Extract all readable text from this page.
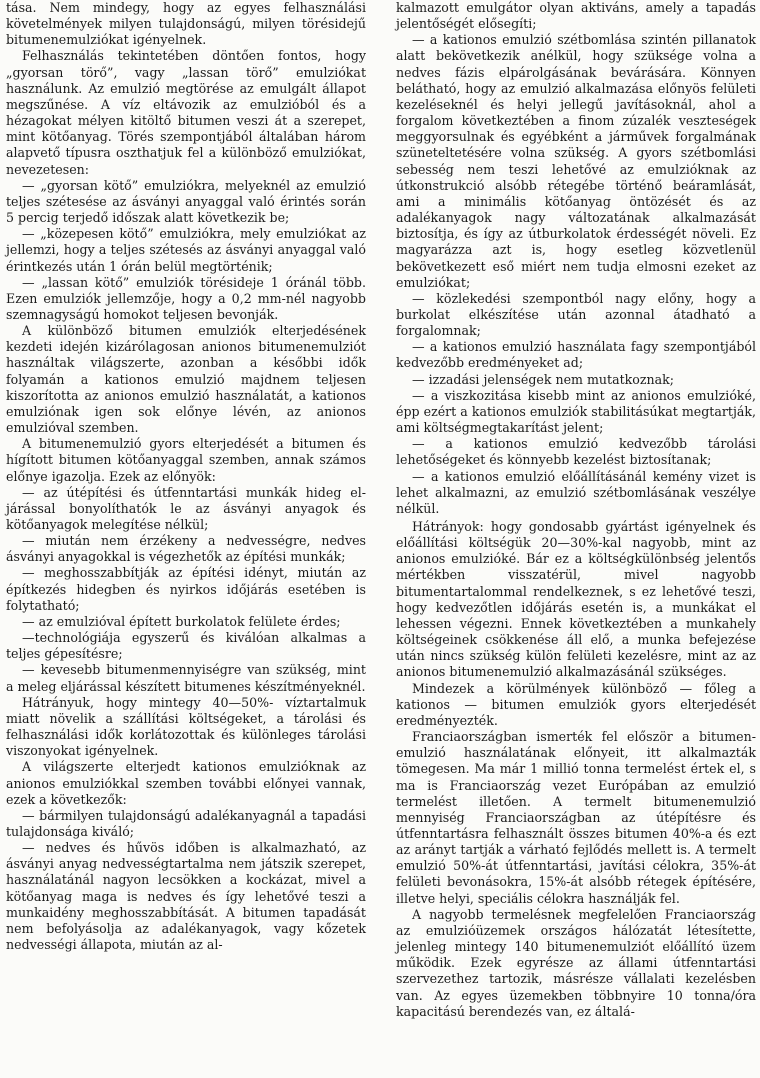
tása. Nem mindegy, hogy az egyes felhasználási követelmények milyen tulajdonságú, milyen törésidejű bitumenemulziókat igényelnek.

Felhasználás tekintetében döntően fontos, hogy „gyorsan törő”, vagy „lassan törő” emulziókat használunk. Az emulzió megtörése az emulgált állapot megszűnése. A víz eltávozik az emulzióból és a hézagokat mélyen kitöltő bitumen veszi át a szerepet, mint kötőanyag. Törés szempontjából általában három alapvető típusra oszthatjuk fel a különböző emulziókat, nevezetesen:

— „gyorsan kötő” emulziókra, melyeknél az emulzió teljes szétesése az ásványi anyaggal való érintés során 5 percig terjedő időszak alatt következik be;

— „közepesen kötő” emulziókra, mely emulziókat az jellemzi, hogy a teljes szétesés az ásványi anyaggal való érintkezés után 1 órán belül megtörténik;

— „lassan kötő” emulziók törésideje 1 óránál több. Ezen emulziók jellemzője, hogy a 0,2 mm-nél nagyobb szemnagyságú homokot teljesen bevonják.

A különböző bitumen emulziók elterjedésének kezdeti idején kizárólagosan anionos bitumenemulziót használtak világszerte, azonban a későbbi idők folyamán a kationos emulzió majdnem teljesen kiszorította az anionos emulzió használatát, a kationos emulziónak igen sok előnye lévén, az anionos emulzióval szemben.

A bitumenemulzió gyors elterjedését a bitumen és hígított bitumen kötőanyaggal szemben, annak számos előnye igazolja. Ezek az előnyök:

— az útépítési és útfenntartási munkák hideg eljárással bonyolíthatók le az ásványi anyagok és kötőanyagok melegítése nélkül;

— miután nem érzékeny a nedvességre, nedves ásványi anyagokkal is végezhetők az építési munkák;

— meghosszabbítják az építési idényt, miután az építkezés hidegben és nyirkos időjárás esetében is folytatható;

— az emulzióval épített burkolatok felülete érdes;

—technológiája egyszerű és kiválóan alkalmas a teljes gépesítésre;

— kevesebb bitumenmennyiségre van szükség, mint a meleg eljárással készített bitumenes készítményeknél.

Hátrányuk, hogy mintegy 40—50%- víztartalmuk miatt növelik a szállítási költségeket, a tárolási és felhasználási idők korlátozottak és különleges tárolási viszonyokat igényelnek.

A világszerte elterjedt kationos emulzióknak az anionos emulziókkal szemben további előnyei vannak, ezek a következők:

— bármilyen tulajdonságú adalékanyagnál a tapadási tulajdonsága kiváló;

— nedves és hűvös időben is alkalmazható, az ásványi anyag nedvességtartalma nem játszik szerepet, használatánál nagyon lecsökken a kockázat, mivel a kötőanyag maga is nedves és így lehetővé teszi a munkaidény meghosszabbítását. A bitumen tapadását nem befolyásolja az adalékanyagok, vagy kőzetek nedvességi állapota, miután az al-

kalmazott emulgátor olyan aktiváns, amely a tapadás jelentőségét elősegíti;

— a kationos emulzió szétbomlása szintén pillanatok alatt bekövetkezik anélkül, hogy szüksége volna a nedves fázis elpárolgásának bevárására. Könnyen belátható, hogy az emulzió alkalmazása előnyös felületi kezeléseknél és helyi jellegű javításoknál, ahol a forgalom következtében a finom zúzalék veszteségek meggyorsulnak és egyébként a járművek forgalmának szüneteltetésére volna szükség. A gyors szétbomlási sebesség nem teszi lehetővé az emulzióknak az útkonstrukció alsóbb rétegébe történő beáramlását, ami a minimális kötőanyag öntözését és az adalékanyagok nagy változatának alkalmazását biztosítja, és így az útburkolatok érdességét növeli. Ez magyarázza azt is, hogy esetleg közvetlenül bekövetkezett eső miért nem tudja elmosni ezeket az emulziókat;

— közlekedési szempontból nagy előny, hogy a burkolat elkészítése után azonnal átadható a forgalomnak;

— a kationos emulzió használata fagy szempontjából kedvezőbb eredményeket ad;

— izzadási jelenségek nem mutatkoznak;

— a viszkozitása kisebb mint az anionos emulzióké, épp ezért a kationos emulziók stabilitásúkat megtartják, ami költségmegtakarítást jelent;

— a kationos emulzió kedvezőbb tárolási lehetőségeket és könnyebb kezelést biztosítanak;

— a kationos emulzió előállításánál kemény vizet is lehet alkalmazni, az emulzió szétbomlásának veszélye nélkül.

Hátrányok: hogy gondosabb gyártást igényelnek és előállítási költségük 20—30%-kal nagyobb, mint az anionos emulzióké. Bár ez a költségkülönbség jelentős mértékben visszatérül, mivel nagyobb bitumentartalommal rendelkeznek, s ez lehetővé teszi, hogy kedvezőtlen időjárás esetén is, a munkákat el lehessen végezni. Ennek következtében a munkahely költségeinek csökkenése áll elő, a munka befejezése után nincs szükség külön felületi kezelésre, mint az az anionos bitumenemulzió alkalmazásánál szükséges.

Mindezek a körülmények különböző — főleg a kationos — bitumen emulziók gyors elterjedését eredményezték.

Franciaországban ismerték fel először a bitumenemulzió használatának előnyeit, itt alkalmazták tömegesen. Ma már 1 millió tonna termelést értek el, s ma is Franciaország vezet Európában az emulzió termelést illetően. A termelt bitumenemulzió mennyiség Franciaországban az útépítésre és útfenntartásra felhasznált összes bitumen 40%-a és ezt az arányt tartják a várható fejlődés mellett is. A termelt emulzió 50%-át útfenntartási, javítási célokra, 35%-át felületi bevonásokra, 15%-át alsóbb rétegek építésére, illetve helyi, speciális célokra használják fel.

A nagyobb termelésnek megfelelően Franciaország az emulzióüzemek országos hálózatát létesítette, jelenleg mintegy 140 bitumenemulziót előállító üzem működik. Ezek egyrésze az állami útfenntartási szervezethez tartozik, másrésze vállalati kezelésben van. Az egyes üzemekben többnyire 10 tonna/óra kapacitású berendezés van, ez általá-
